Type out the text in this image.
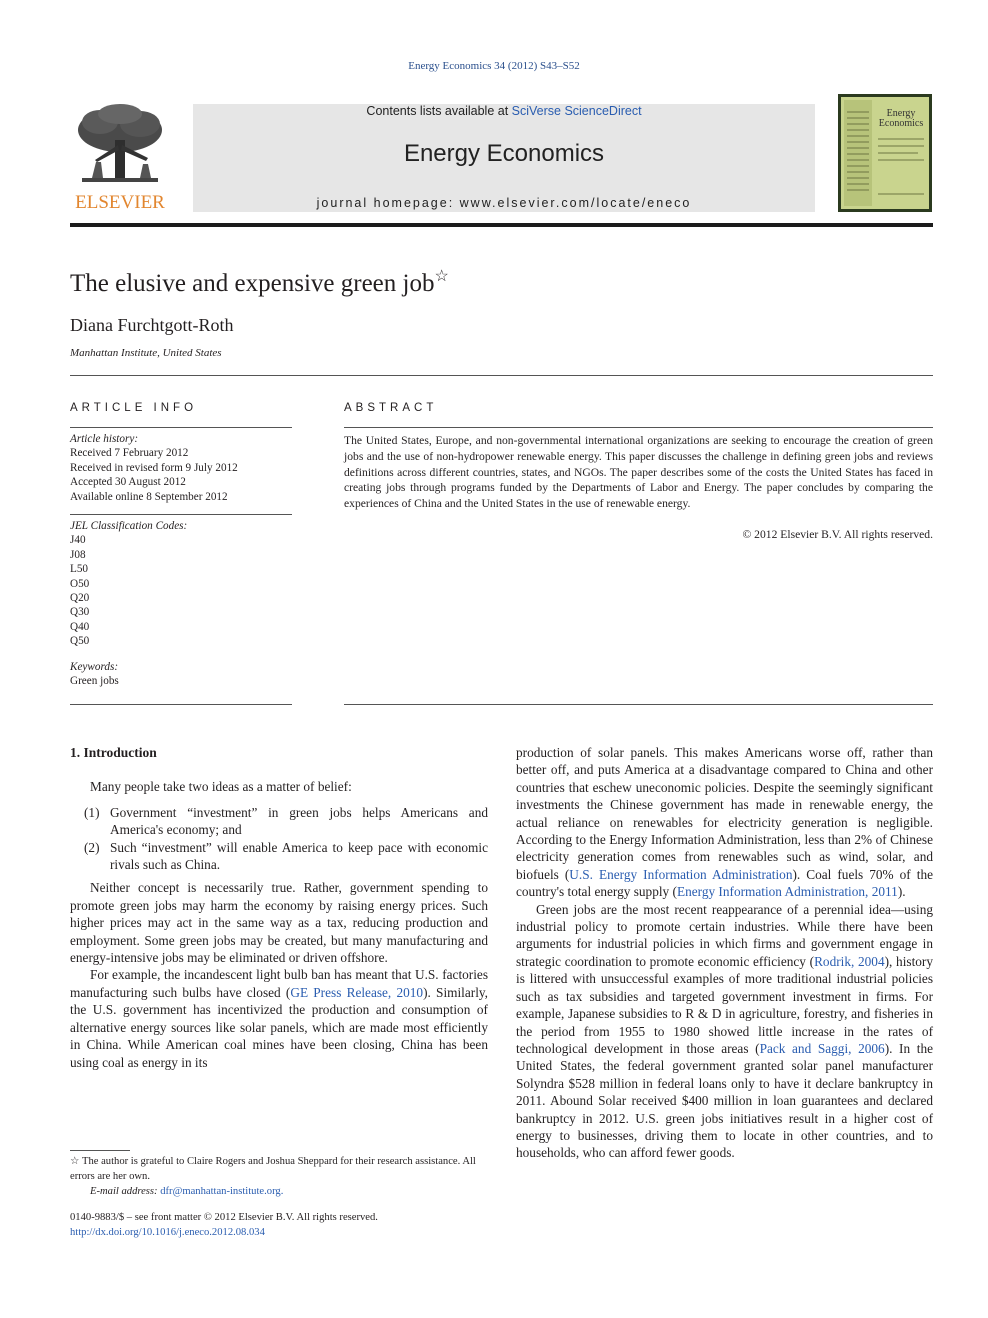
Energy Economics 34 (2012) S43–S52
ELSEVIER
Contents lists available at SciVerse ScienceDirect
Energy Economics
journal homepage: www.elsevier.com/locate/eneco
Energy
Economics
The elusive and expensive green job☆
Diana Furchtgott-Roth
Manhattan Institute, United States
ARTICLE INFO	ABSTRACT
Article history:
Received 7 February 2012
Received in revised form 9 July 2012
Accepted 30 August 2012
Available online 8 September 2012
JEL Classification Codes:
J40
J08
L50
O50
Q20
Q30
Q40
Q50
Keywords:
Green jobs
The United States, Europe, and non-governmental international organizations are seeking to encourage the creation of green jobs and the use of non-hydropower renewable energy. This paper discusses the challenge in defining green jobs and reviews definitions across different countries, states, and NGOs. The paper describes some of the costs the United States has faced in creating jobs through programs funded by the Departments of Labor and Energy. The paper concludes by comparing the experiences of China and the United States in the use of renewable energy.
© 2012 Elsevier B.V. All rights reserved.
1. Introduction

Many people take two ideas as a matter of belief:

(1) Government “investment” in green jobs helps Americans and America's economy; and
(2) Such “investment” will enable America to keep pace with economic rivals such as China.

Neither concept is necessarily true. Rather, government spending to promote green jobs may harm the economy by raising energy prices. Such higher prices may act in the same way as a tax, reducing production and employment. Some green jobs may be created, but many manufacturing and energy-intensive jobs may be eliminated or driven offshore.

For example, the incandescent light bulb ban has meant that U.S. factories manufacturing such bulbs have closed (GE Press Release, 2010). Similarly, the U.S. government has incentivized the production and consumption of alternative energy sources like solar panels, which are made most efficiently in China. While American coal mines have been closing, China has been using coal as energy in its

production of solar panels. This makes Americans worse off, rather than better off, and puts America at a disadvantage compared to China and other countries that eschew uneconomic policies. Despite the seemingly significant investments the Chinese government has made in renewable energy, the actual reliance on renewables for electricity generation is negligible. According to the Energy Information Administration, less than 2% of Chinese electricity generation comes from renewables such as wind, solar, and biofuels (U.S. Energy Information Administration). Coal fuels 70% of the country's total energy supply (Energy Information Administration, 2011).

Green jobs are the most recent reappearance of a perennial idea—using industrial policy to promote certain industries. While there have been arguments for industrial policies in which firms and government engage in strategic coordination to promote economic efficiency (Rodrik, 2004), history is littered with unsuccessful examples of more traditional industrial policies such as tax subsidies and targeted government investment in firms. For example, Japanese subsidies to R & D in agriculture, forestry, and fisheries in the period from 1955 to 1980 showed little increase in the rates of technological development in those areas (Pack and Saggi, 2006). In the United States, the federal government granted solar panel manufacturer Solyndra $528 million in federal loans only to have it declare bankruptcy in 2011. Abound Solar received $400 million in loan guarantees and declared bankruptcy in 2012. U.S. green jobs initiatives result in a higher cost of energy to businesses, driving them to locate in other countries, and to households, who can afford fewer goods.

☆ The author is grateful to Claire Rogers and Joshua Sheppard for their research assistance. All errors are her own.
E-mail address: dfr@manhattan-institute.org.
0140-9883/$ – see front matter © 2012 Elsevier B.V. All rights reserved.
http://dx.doi.org/10.1016/j.eneco.2012.08.034
